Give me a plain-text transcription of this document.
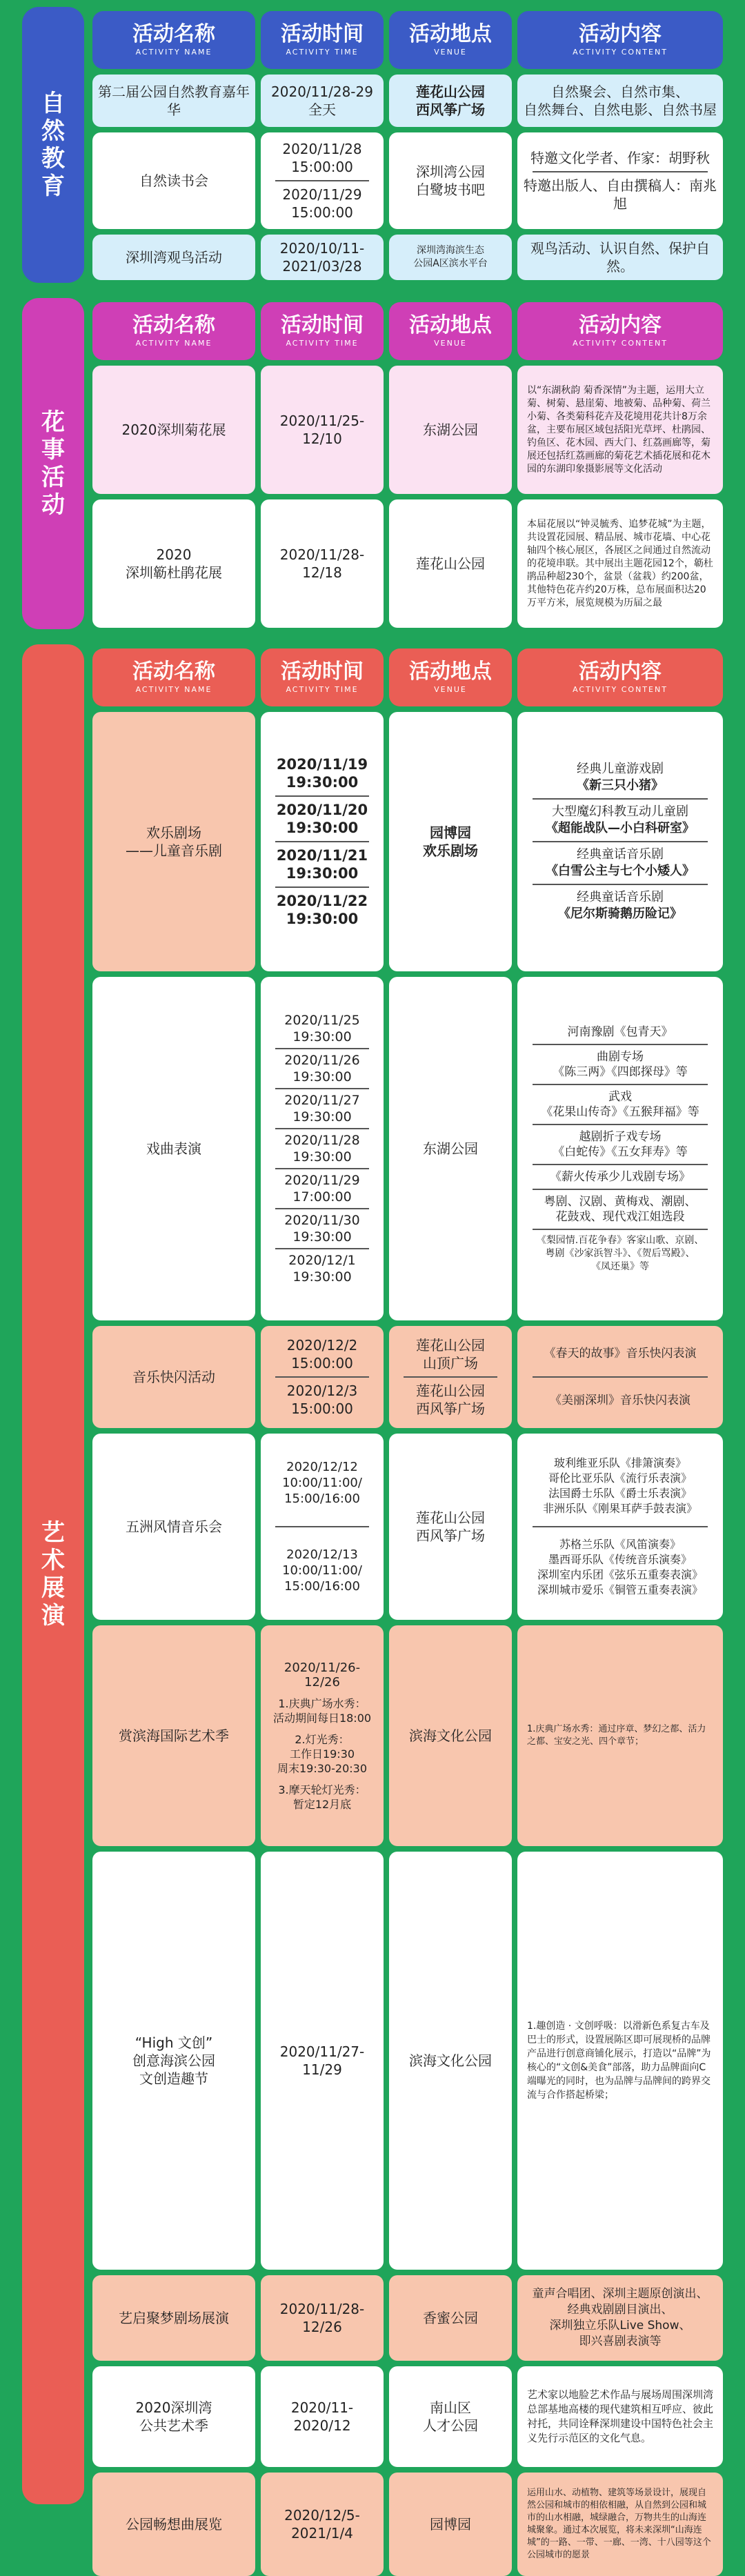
自然教育
活动名称
ACTIVITY NAME
活动时间
ACTIVITY TIME
活动地点
VENUE
活动内容
ACTIVITY CONTENT
第二届公园自然教育嘉年华
2020/11/28-29
全天
莲花山公园
西风筝广场
自然聚会、自然市集、
自然舞台、自然电影、自然书屋
自然读书会
2020/11/28
15:00:00
2020/11/29
15:00:00
深圳湾公园
白鹭坡书吧
特邀文化学者、作家：胡野秋
特邀出版人、自由撰稿人：南兆旭
深圳湾观鸟活动
2020/10/11-
2021/03/28
深圳湾海滨生态
公园A区滨水平台
观鸟活动、认识自然、保护自然。
花事活动
活动名称
ACTIVITY NAME
活动时间
ACTIVITY TIME
活动地点
VENUE
活动内容
ACTIVITY CONTENT
2020深圳菊花展
2020/11/25-
12/10
东湖公园
以“东湖秋韵 菊香深情”为主题，运用大立菊、树菊、悬崖菊、地被菊、品种菊、荷兰小菊、各类菊科花卉及花境用花共计8万余盆，主要布展区域包括阳光草坪、杜鹃园、钓鱼区、花木园、西大门、红荔画廊等，菊展还包括红荔画廊的菊花艺术插花展和花木园的东湖印象摄影展等文化活动
2020
深圳簕杜鹃花展
2020/11/28-
12/18
莲花山公园
本届花展以“钟灵毓秀、追梦花城”为主题，共设置花园展、精品展、城市花墙、中心花轴四个核心展区，各展区之间通过自然流动的花境串联。其中展出主题花园12个，簕杜鹃品种超230个，盆景（盆栽）约200盆，其他特色花卉约20万株，总布展面积达20万平方米，展览规模为历届之最
艺术展演
活动名称
ACTIVITY NAME
活动时间
ACTIVITY TIME
活动地点
VENUE
活动内容
ACTIVITY CONTENT
欢乐剧场
——儿童音乐剧
2020/11/19
19:30:00
2020/11/20
19:30:00
2020/11/21
19:30:00
2020/11/22
19:30:00
园博园
欢乐剧场
经典儿童游戏剧
《新三只小猪》
大型魔幻科教互动儿童剧
《超能战队—小白科研室》
经典童话音乐剧
《白雪公主与七个小矮人》
经典童话音乐剧
《尼尔斯骑鹅历险记》
戏曲表演
2020/11/25
19:30:00
2020/11/26
19:30:00
2020/11/27
19:30:00
2020/11/28
19:30:00
2020/11/29
17:00:00
2020/11/30
19:30:00
2020/12/1
19:30:00
东湖公园
河南豫剧《包青天》
曲剧专场
《陈三两》《四郎探母》等
武戏
《花果山传奇》《五猴拜福》等
越剧折子戏专场
《白蛇传》《五女拜寿》等
《薪火传承少儿戏剧专场》
粤剧、汉剧、黄梅戏、潮剧、
花鼓戏、现代戏江姐选段
《梨园情.百花争春》客家山歌、京剧、
粤剧《沙家浜智斗》、《贺后骂殿》、
《凤还巢》等
音乐快闪活动
2020/12/2
15:00:00
2020/12/3
15:00:00
莲花山公园
山顶广场
莲花山公园
西风筝广场
《春天的故事》音乐快闪表演
《美丽深圳》音乐快闪表演
五洲风情音乐会
2020/12/12
10:00/11:00/
15:00/16:00
2020/12/13
10:00/11:00/
15:00/16:00
莲花山公园
西风筝广场
玻利维亚乐队《排箫演奏》
哥伦比亚乐队《流行乐表演》
法国爵士乐队《爵士乐表演》
非洲乐队《刚果耳萨手鼓表演》
苏格兰乐队《风笛演奏》
墨西哥乐队《传统音乐演奏》
深圳室内乐团《弦乐五重奏表演》
深圳城市爱乐《铜管五重奏表演》
赏滨海国际艺术季
2020/11/26-
12/26
1.庆典广场水秀：
活动期间每日18:00
2.灯光秀：
工作日19:30
周末19:30-20:30
3.摩天轮灯光秀：
暂定12月底
滨海文化公园	1.庆典广场水秀：通过序章、梦幻之都、活力之都、宝安之光、四个章节；
“High 文创”
创意海滨公园
文创造趣节
2020/11/27-
11/29
滨海文化公园
1.趣创造 · 文创呼吸：以滑新色系复古车及巴士的形式，设置展陈区即可展现桥的品牌产品进行创意商铺化展示，打造以“品牌”为核心的“文创&美食”部落，助力品牌面向C端曝光的同时，也为品牌与品牌间的跨界交流与合作搭起桥梁；
艺启聚梦剧场展演
2020/11/28-
12/26
香蜜公园
童声合唱团、深圳主题原创演出、
经典戏剧剧目演出、
深圳独立乐队Live Show、
即兴喜剧表演等
2020深圳湾
公共艺术季
2020/11-
2020/12
南山区
人才公园
艺术家以地脸艺术作品与展场周围深圳湾总部基地高楼的现代建筑相互呼应、彼此衬托，共同诠释深圳建设中国特色社会主义先行示范区的文化气息。
公园畅想曲展览
2020/12/5-
2021/1/4
园博园
运用山水、动植物、建筑等场景设计，展现自然公园和城市的相依相融，从自然到公园和城市的山水相融，城绿融合，万物共生的山海连城聚象。通过本次展览，将未来深圳“山海连城”的一路、一带、一廊、一湾、十八园等这个公园城市的愿景
